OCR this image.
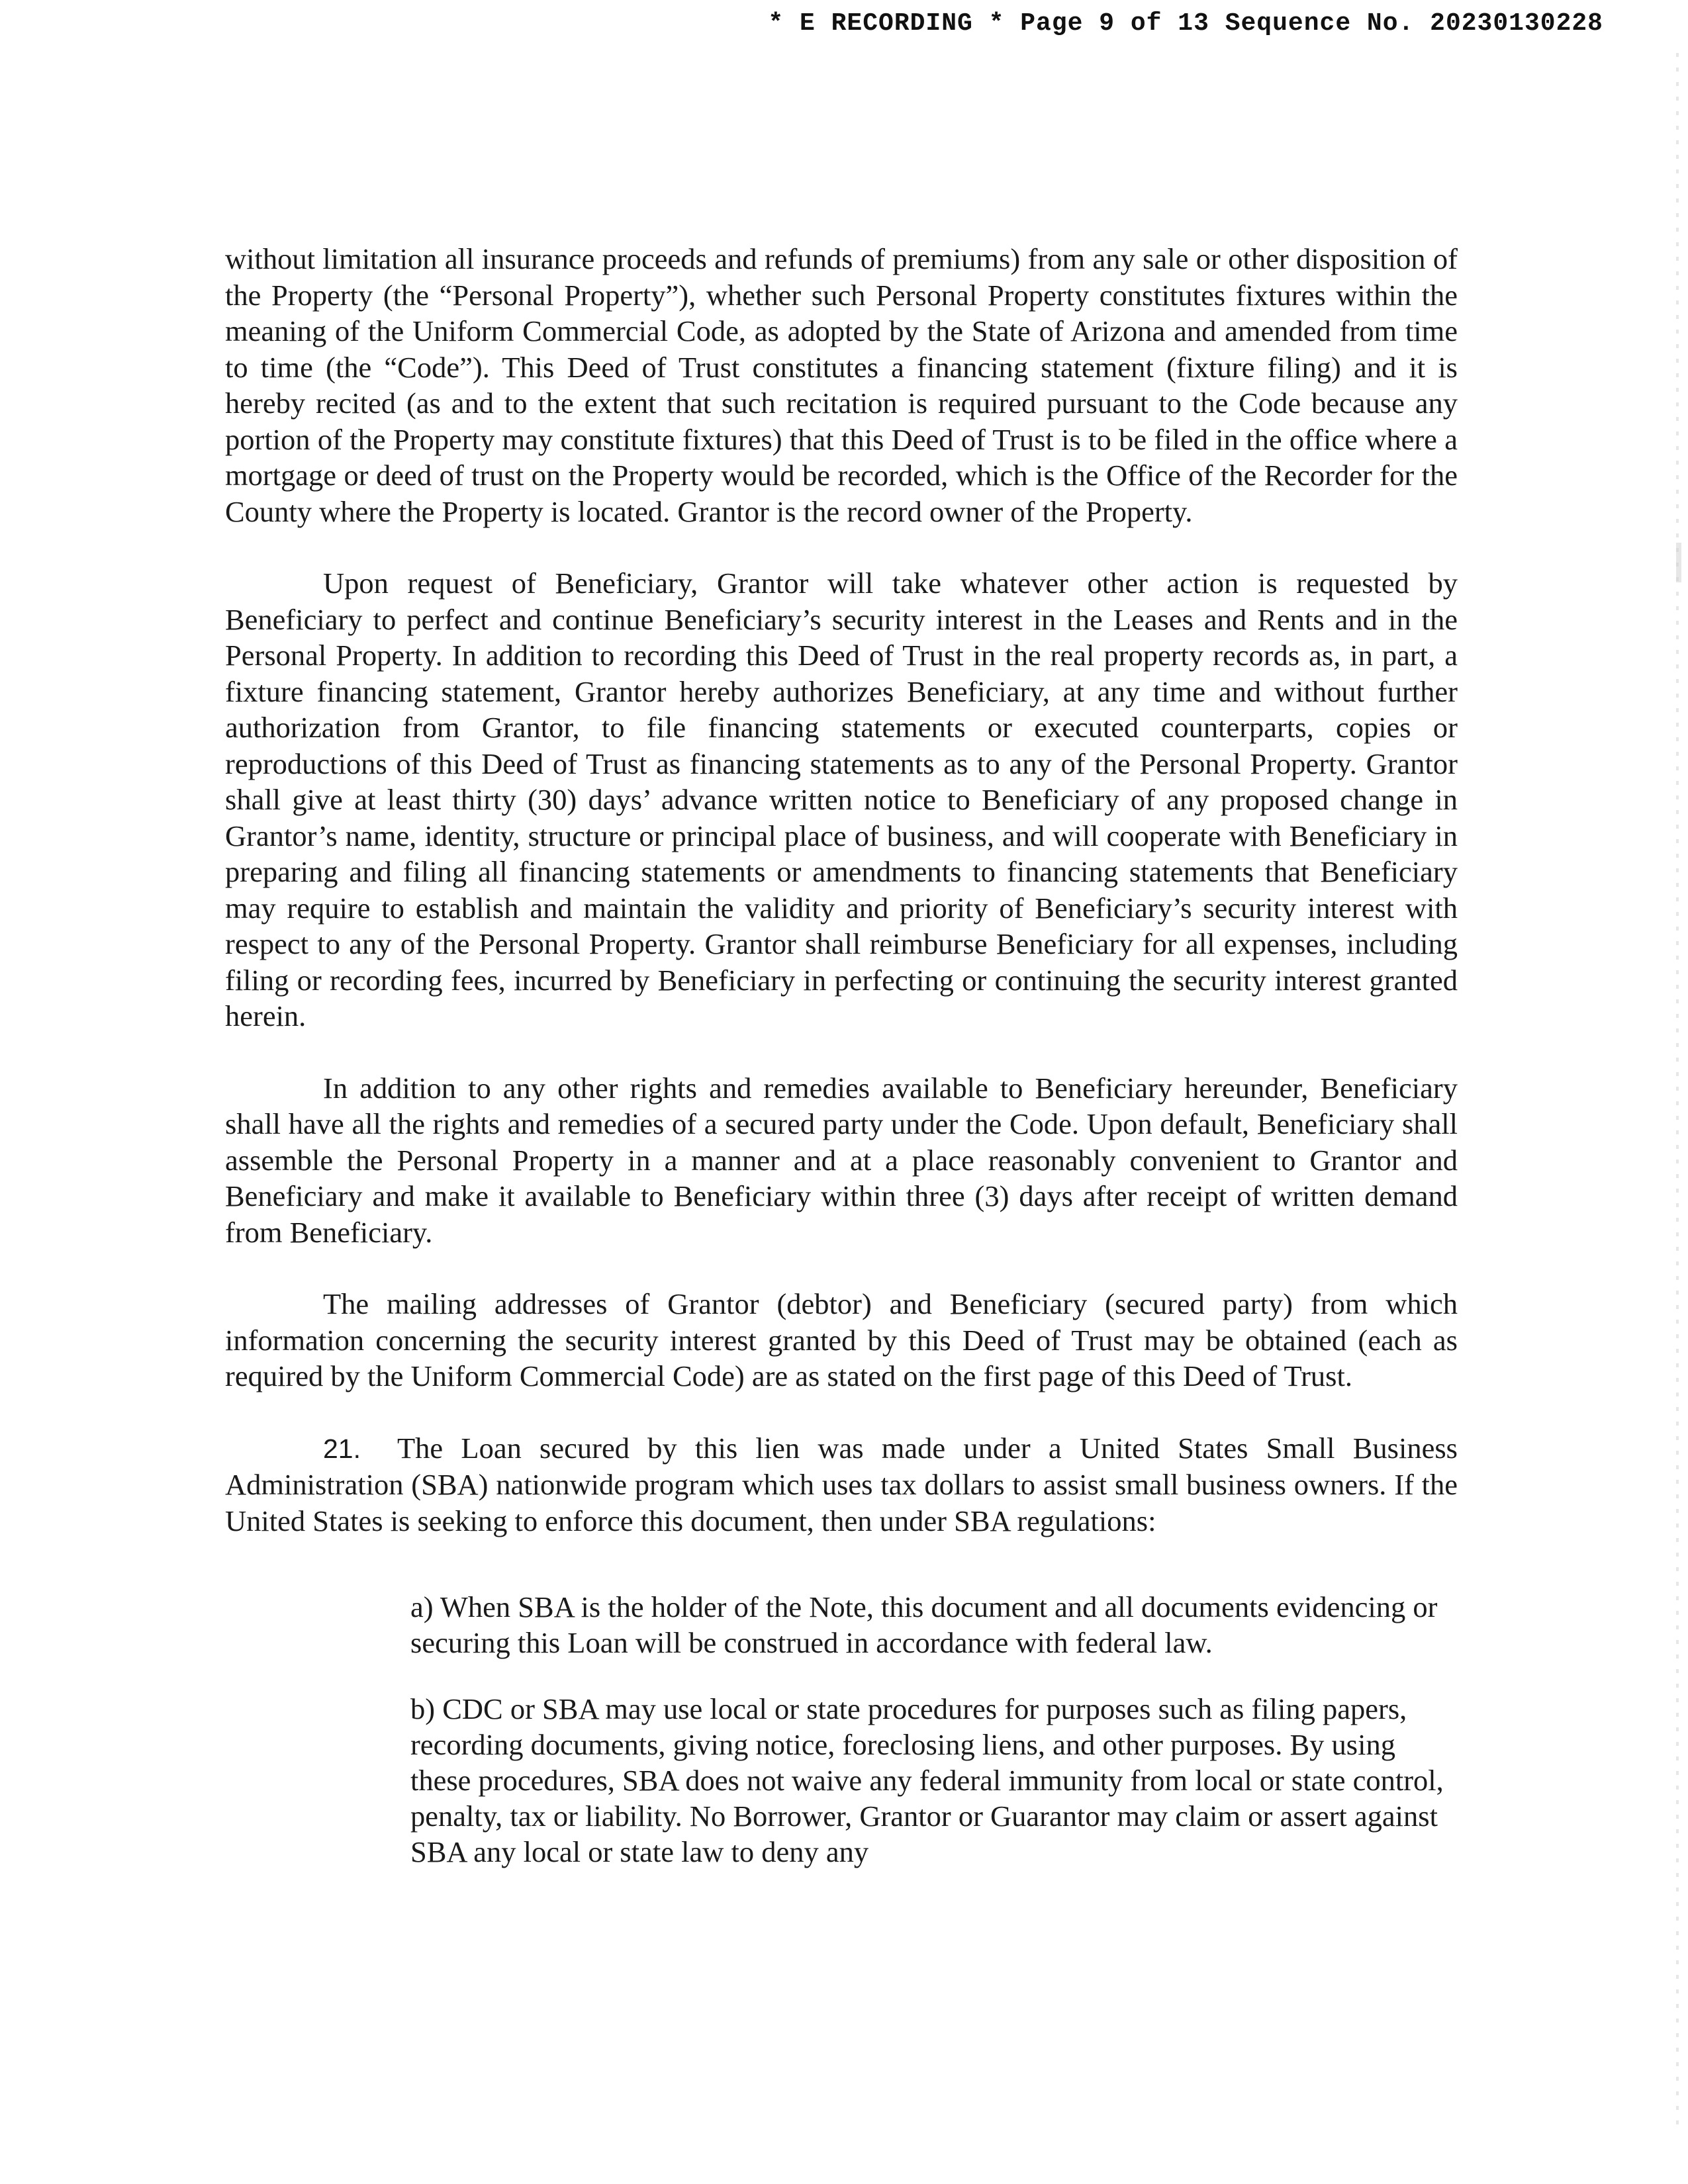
* E RECORDING * Page 9 of 13 Sequence No. 20230130228

without limitation all insurance proceeds and refunds of premiums) from any sale or other disposition of the Property (the “Personal Property”), whether such Personal Property constitutes fixtures within the meaning of the Uniform Commercial Code, as adopted by the State of Arizona and amended from time to time (the “Code”). This Deed of Trust constitutes a financing statement (fixture filing) and it is hereby recited (as and to the extent that such recitation is required pursuant to the Code because any portion of the Property may constitute fixtures) that this Deed of Trust is to be filed in the office where a mortgage or deed of trust on the Property would be recorded, which is the Office of the Recorder for the County where the Property is located. Grantor is the record owner of the Property.

Upon request of Beneficiary, Grantor will take whatever other action is requested by Beneficiary to perfect and continue Beneficiary’s security interest in the Leases and Rents and in the Personal Property. In addition to recording this Deed of Trust in the real property records as, in part, a fixture financing statement, Grantor hereby authorizes Beneficiary, at any time and without further authorization from Grantor, to file financing statements or executed counterparts, copies or reproductions of this Deed of Trust as financing statements as to any of the Personal Property. Grantor shall give at least thirty (30) days’ advance written notice to Beneficiary of any proposed change in Grantor’s name, identity, structure or principal place of business, and will cooperate with Beneficiary in preparing and filing all financing statements or amendments to financing statements that Beneficiary may require to establish and maintain the validity and priority of Beneficiary’s security interest with respect to any of the Personal Property. Grantor shall reimburse Beneficiary for all expenses, including filing or recording fees, incurred by Beneficiary in perfecting or continuing the security interest granted herein.

In addition to any other rights and remedies available to Beneficiary hereunder, Beneficiary shall have all the rights and remedies of a secured party under the Code. Upon default, Beneficiary shall assemble the Personal Property in a manner and at a place reasonably convenient to Grantor and Beneficiary and make it available to Beneficiary within three (3) days after receipt of written demand from Beneficiary.

The mailing addresses of Grantor (debtor) and Beneficiary (secured party) from which information concerning the security interest granted by this Deed of Trust may be obtained (each as required by the Uniform Commercial Code) are as stated on the first page of this Deed of Trust.

21. The Loan secured by this lien was made under a United States Small Business Administration (SBA) nationwide program which uses tax dollars to assist small business owners. If the United States is seeking to enforce this document, then under SBA regulations:

a) When SBA is the holder of the Note, this document and all documents evidencing or securing this Loan will be construed in accordance with federal law.

b) CDC or SBA may use local or state procedures for purposes such as filing papers, recording documents, giving notice, foreclosing liens, and other purposes. By using these procedures, SBA does not waive any federal immunity from local or state control, penalty, tax or liability. No Borrower, Grantor or Guarantor may claim or assert against SBA any local or state law to deny any
